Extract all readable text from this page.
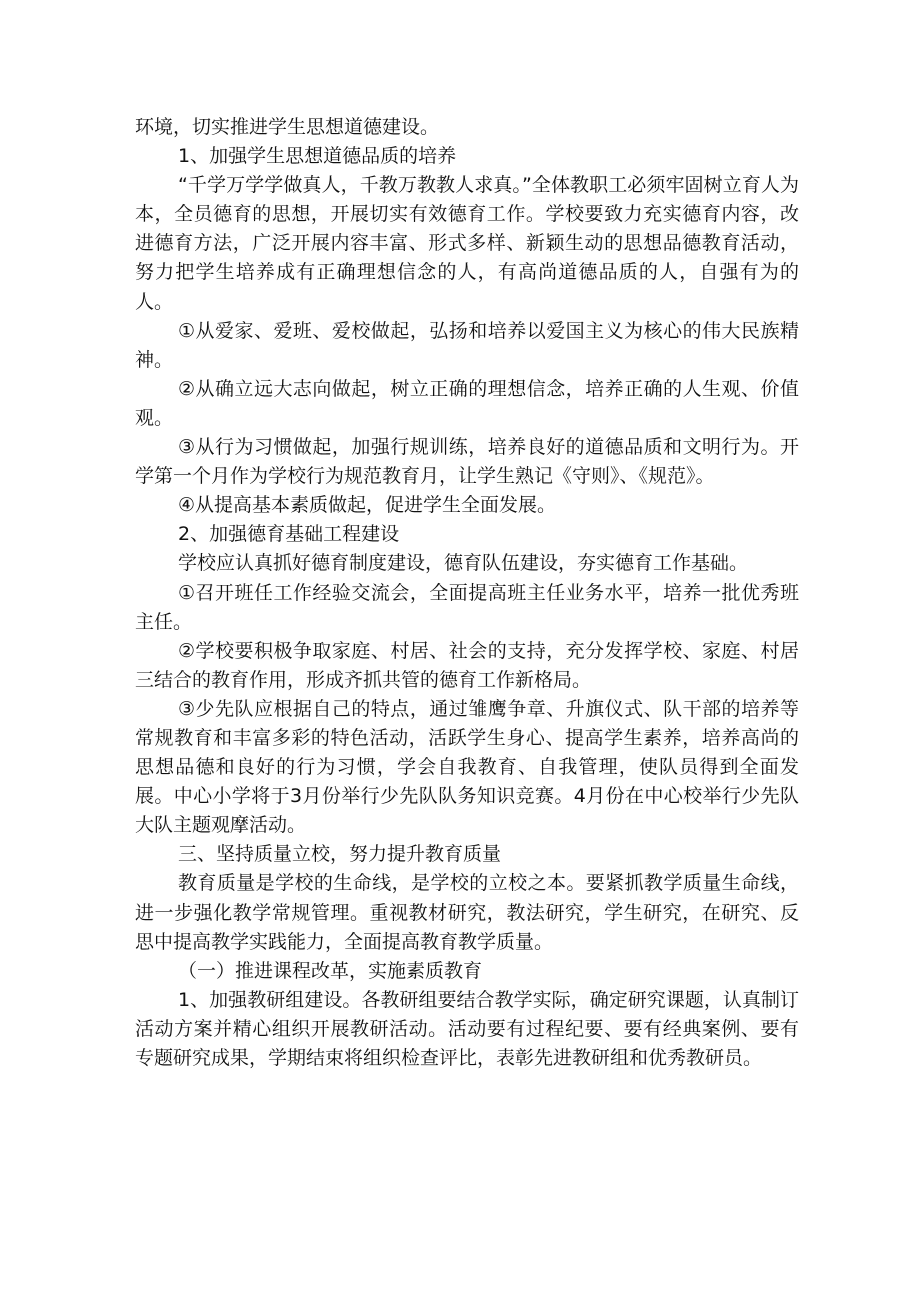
环境，切实推进学生思想道德建设。

1、加强学生思想道德品质的培养

“千学万学学做真人，千教万教教人求真。”全体教职工必须牢固树立育人为本，全员德育的思想，开展切实有效德育工作。学校要致力充实德育内容，改进德育方法，广泛开展内容丰富、形式多样、新颖生动的思想品德教育活动，努力把学生培养成有正确理想信念的人，有高尚道德品质的人，自强有为的人。

①从爱家、爱班、爱校做起，弘扬和培养以爱国主义为核心的伟大民族精神。

②从确立远大志向做起，树立正确的理想信念，培养正确的人生观、价值观。

③从行为习惯做起，加强行规训练，培养良好的道德品质和文明行为。开学第一个月作为学校行为规范教育月，让学生熟记《守则》、《规范》。

④从提高基本素质做起，促进学生全面发展。

2、加强德育基础工程建设

学校应认真抓好德育制度建设，德育队伍建设，夯实德育工作基础。

①召开班任工作经验交流会，全面提高班主任业务水平，培养一批优秀班主任。

②学校要积极争取家庭、村居、社会的支持，充分发挥学校、家庭、村居三结合的教育作用，形成齐抓共管的德育工作新格局。

③少先队应根据自己的特点，通过雏鹰争章、升旗仪式、队干部的培养等常规教育和丰富多彩的特色活动，活跃学生身心、提高学生素养，培养高尚的思想品德和良好的行为习惯，学会自我教育、自我管理，使队员得到全面发展。中心小学将于3月份举行少先队队务知识竞赛。4月份在中心校举行少先队大队主题观摩活动。

三、坚持质量立校，努力提升教育质量

教育质量是学校的生命线，是学校的立校之本。要紧抓教学质量生命线，进一步强化教学常规管理。重视教材研究，教法研究，学生研究，在研究、反思中提高教学实践能力，全面提高教育教学质量。

（一）推进课程改革，实施素质教育

1、加强教研组建设。各教研组要结合教学实际，确定研究课题，认真制订活动方案并精心组织开展教研活动。活动要有过程纪要、要有经典案例、要有专题研究成果，学期结束将组织检查评比，表彰先进教研组和优秀教研员。
